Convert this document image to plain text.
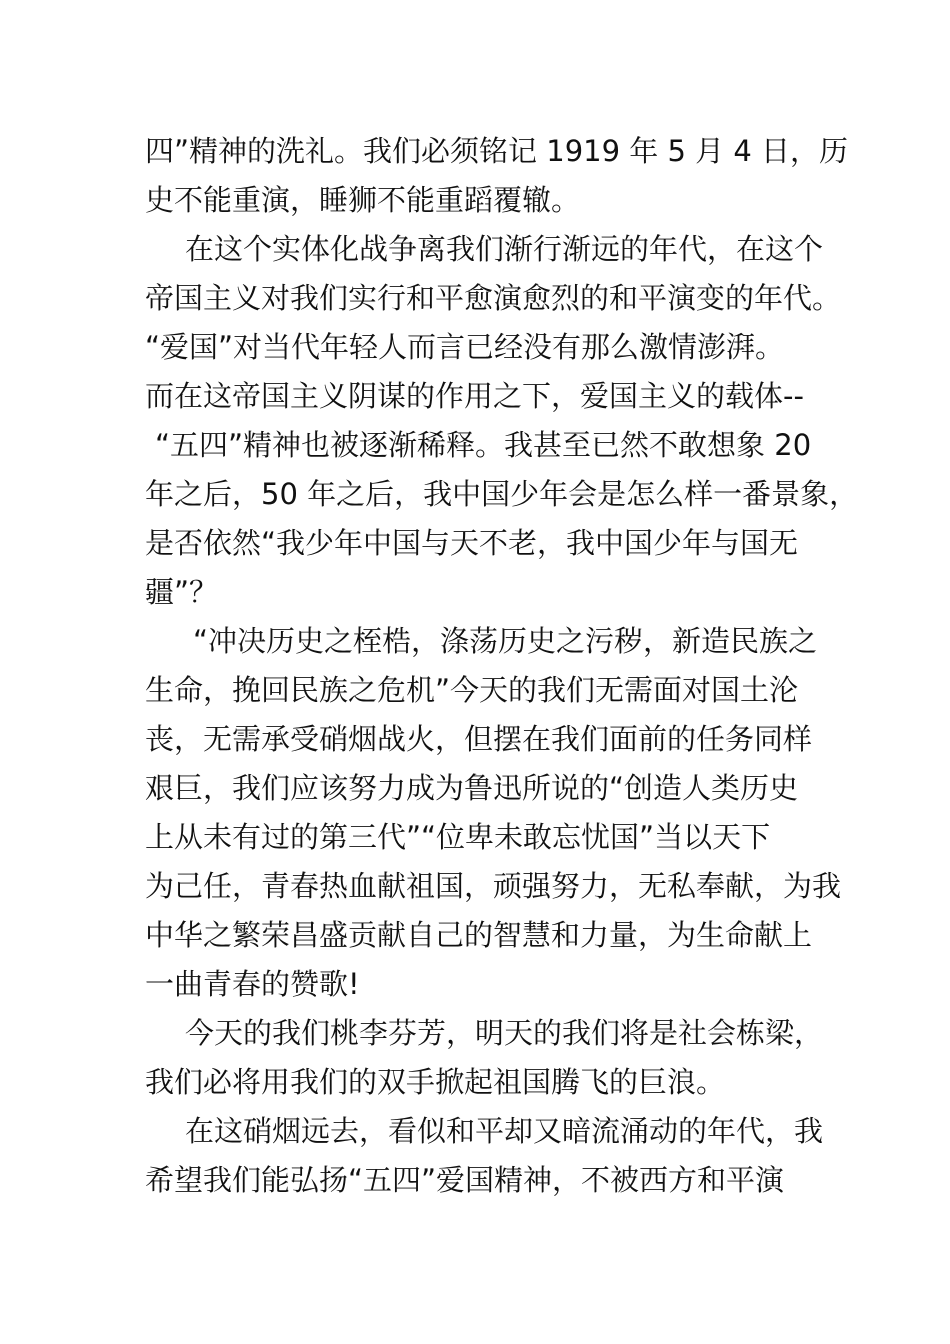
四”精神的洗礼。我们必须铭记 1919 年 5 月 4 日，历
史不能重演，睡狮不能重蹈覆辙。
在这个实体化战争离我们渐行渐远的年代，在这个
帝国主义对我们实行和平愈演愈烈的和平演变的年代。
“爱国”对当代年轻人而言已经没有那么激情澎湃。
而在这帝国主义阴谋的作用之下，爱国主义的载体--
“五四”精神也被逐渐稀释。我甚至已然不敢想象 20
年之后，50 年之后，我中国少年会是怎么样一番景象，
是否依然“我少年中国与天不老，我中国少年与国无
疆”？
“冲决历史之桎梏，涤荡历史之污秽，新造民族之
生命，挽回民族之危机”今天的我们无需面对国土沦
丧，无需承受硝烟战火，但摆在我们面前的任务同样
艰巨，我们应该努力成为鲁迅所说的“创造人类历史
上从未有过的第三代”“位卑未敢忘忧国”当以天下
为己任，青春热血献祖国，顽强努力，无私奉献，为我
中华之繁荣昌盛贡献自己的智慧和力量，为生命献上
一曲青春的赞歌!
今天的我们桃李芬芳，明天的我们将是社会栋梁，
我们必将用我们的双手掀起祖国腾飞的巨浪。
在这硝烟远去，看似和平却又暗流涌动的年代，我
希望我们能弘扬“五四”爱国精神，不被西方和平演
